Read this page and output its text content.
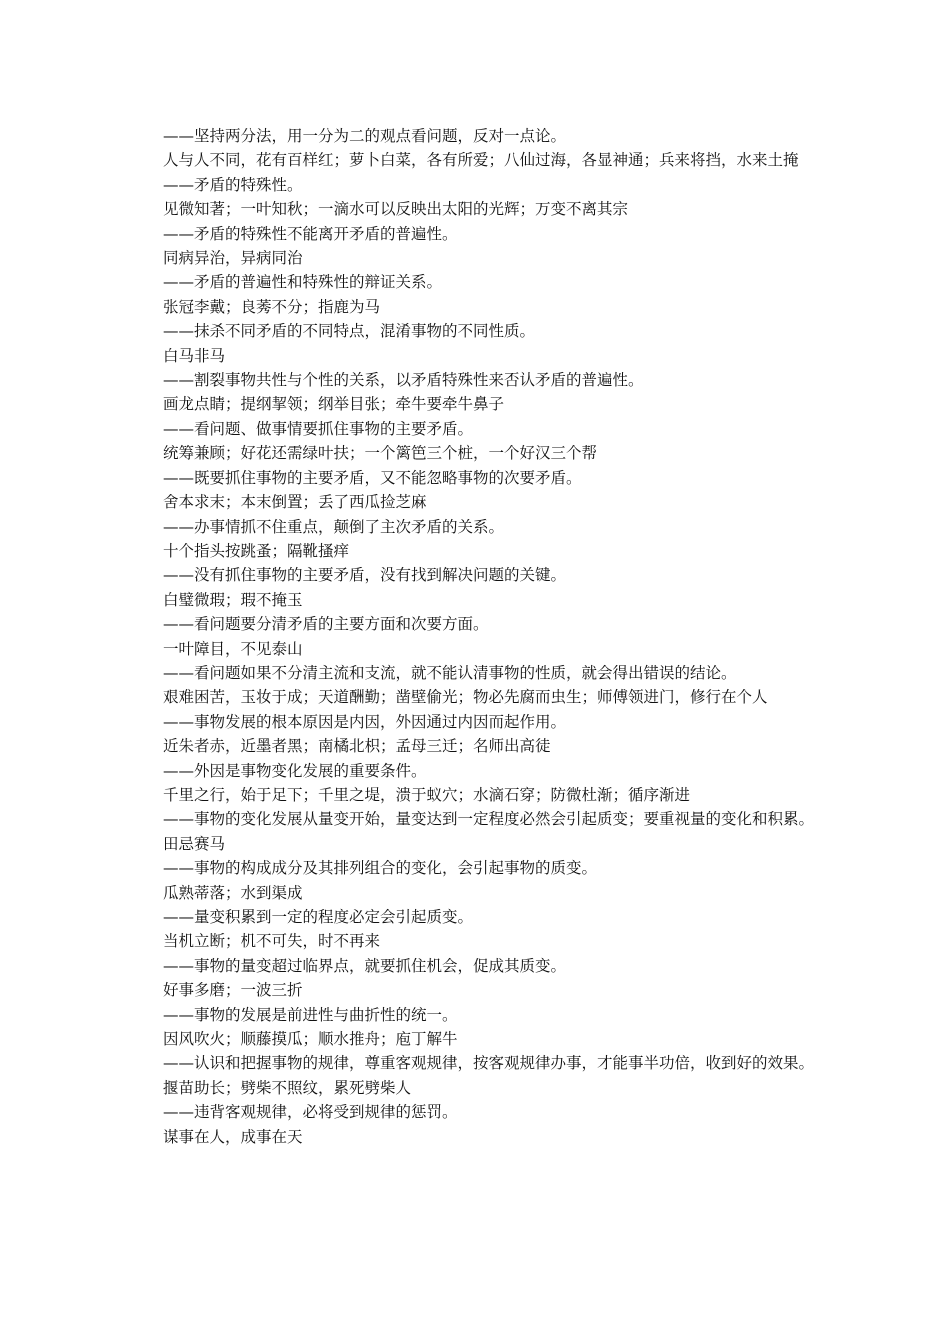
——坚持两分法，用一分为二的观点看问题，反对一点论。

人与人不同，花有百样红；萝卜白菜，各有所爱；八仙过海，各显神通；兵来将挡，水来土掩

——矛盾的特殊性。

见微知著；一叶知秋；一滴水可以反映出太阳的光辉；万变不离其宗

——矛盾的特殊性不能离开矛盾的普遍性。

同病异治，异病同治

——矛盾的普遍性和特殊性的辩证关系。

张冠李戴；良莠不分；指鹿为马

——抹杀不同矛盾的不同特点，混淆事物的不同性质。

白马非马

——割裂事物共性与个性的关系，以矛盾特殊性来否认矛盾的普遍性。

画龙点睛；提纲挈领；纲举目张；牵牛要牵牛鼻子

——看问题、做事情要抓住事物的主要矛盾。

统筹兼顾；好花还需绿叶扶；一个篱笆三个桩，一个好汉三个帮

——既要抓住事物的主要矛盾，又不能忽略事物的次要矛盾。

舍本求末；本末倒置；丢了西瓜捡芝麻

——办事情抓不住重点，颠倒了主次矛盾的关系。

十个指头按跳蚤；隔靴搔痒

——没有抓住事物的主要矛盾，没有找到解决问题的关键。

白璧微瑕；瑕不掩玉

——看问题要分清矛盾的主要方面和次要方面。

一叶障目，不见泰山

——看问题如果不分清主流和支流，就不能认清事物的性质，就会得出错误的结论。

艰难困苦，玉妆于成；天道酬勤；凿壁偷光；物必先腐而虫生；师傅领进门，修行在个人

——事物发展的根本原因是内因，外因通过内因而起作用。

近朱者赤，近墨者黑；南橘北枳；孟母三迁；名师出高徒

——外因是事物变化发展的重要条件。

千里之行，始于足下；千里之堤，溃于蚁穴；水滴石穿；防微杜渐；循序渐进

——事物的变化发展从量变开始，量变达到一定程度必然会引起质变；要重视量的变化和积累。

田忌赛马

——事物的构成成分及其排列组合的变化，会引起事物的质变。

瓜熟蒂落；水到渠成

——量变积累到一定的程度必定会引起质变。

当机立断；机不可失，时不再来

——事物的量变超过临界点，就要抓住机会，促成其质变。

好事多磨；一波三折

——事物的发展是前进性与曲折性的统一。

因风吹火；顺藤摸瓜；顺水推舟；庖丁解牛

——认识和把握事物的规律，尊重客观规律，按客观规律办事，才能事半功倍，收到好的效果。

揠苗助长；劈柴不照纹，累死劈柴人

——违背客观规律，必将受到规律的惩罚。

谋事在人，成事在天
